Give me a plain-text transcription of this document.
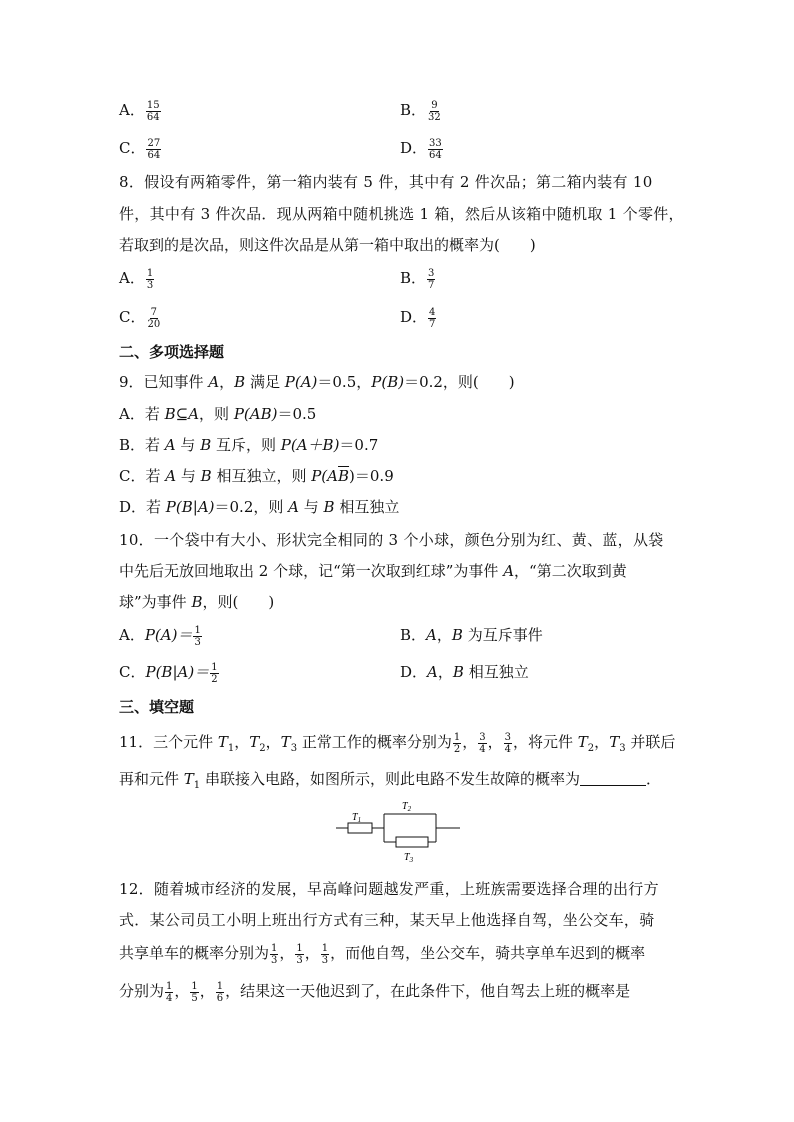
A． $\frac{15}{64}$	B． $\frac{9}{32}$
C． $\frac{27}{64}$	D． $\frac{33}{64}$
8．假设有两箱零件，第一箱内装有 5 件，其中有 2 件次品；第二箱内装有 10
件，其中有 3 件次品．现从两箱中随机挑选 1 箱，然后从该箱中随机取 1 个零件，
若取到的是次品，则这件次品是从第一箱中取出的概率为(　　)
A． $\frac{1}{3}$	B． $\frac{3}{7}$
C． $\frac{7}{20}$	D． $\frac{4}{7}$
二、多项选择题
9．已知事件 A，B 满足 P(A)＝0.5，P(B)＝0.2，则(　　)
A．若 B⊆A，则 P(AB)＝0.5
B．若 A 与 B 互斥，则 P(A＋B)＝0.7
C．若 A 与 B 相互独立，则 $P(A\overline{B})=0.9$
D．若 P(B|A)＝0.2，则 A 与 B 相互独立
10．一个袋中有大小、形状完全相同的 3 个小球，颜色分别为红、黄、蓝，从袋
中先后无放回地取出 2 个球，记“第一次取到红球”为事件 A，“第二次取到黄
球”为事件 B，则(　　)
A．$P(A)= \frac{1}{3}$	B．A，B 为互斥事件
C．$P(B|A)= \frac{1}{2}$	D．A，B 相互独立
三、填空题
11．三个元件 $T_1$，$T_2$，$T_3$ 正常工作的概率分别为 $\frac{1}{2}$ ， $\frac{3}{4}$ ， $\frac{3}{4}$ ，将元件 $T_2$，$T_3$ 并联后
再和元件 $T_1$ 串联接入电路，如图所示，则此电路不发生故障的概率为	．
$T_1$
$T_2$
$T_3$
12．随着城市经济的发展，早高峰问题越发严重，上班族需要选择合理的出行方
式．某公司员工小明上班出行方式有三种，某天早上他选择自驾，坐公交车，骑
共享单车的概率分别为 $\frac{1}{3}$ ， $\frac{1}{3}$ ， $\frac{1}{3}$ ，而他自驾，坐公交车，骑共享单车迟到的概率
分别为 $\frac{1}{4}$ ， $\frac{1}{5}$ ， $\frac{1}{6}$ ，结果这一天他迟到了，在此条件下，他自驾去上班的概率是
